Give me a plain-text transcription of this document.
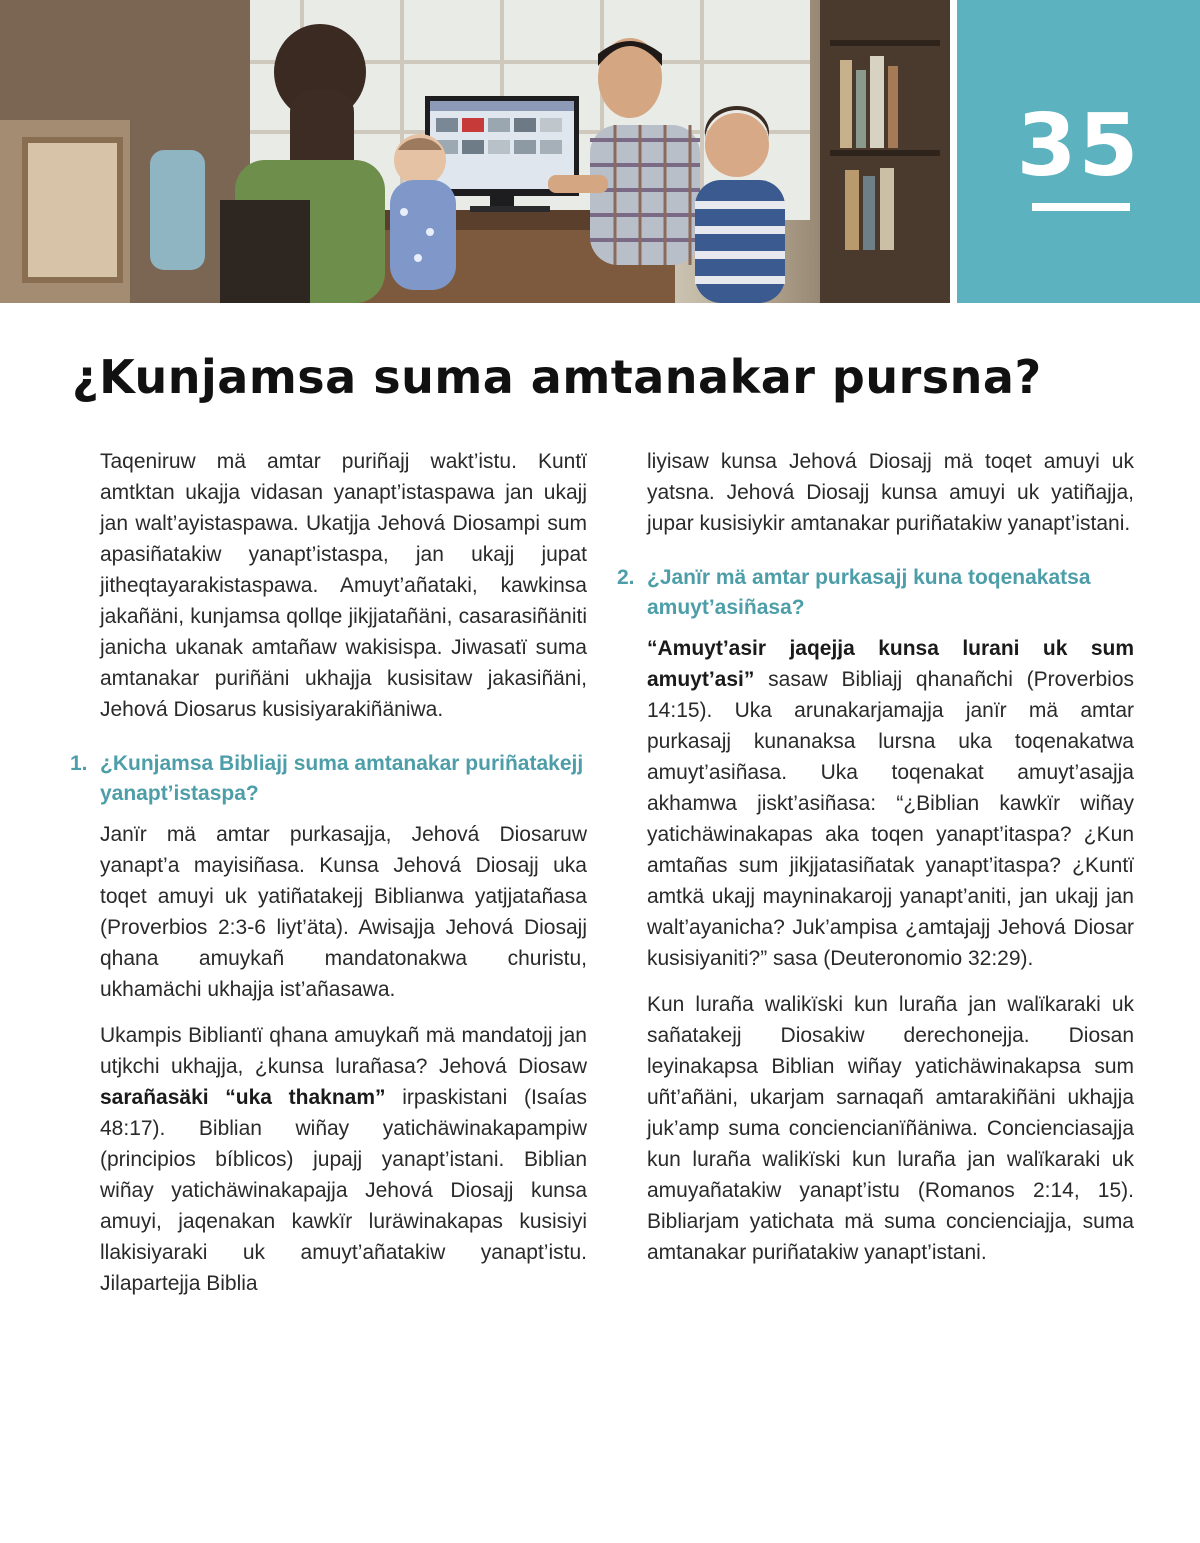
35
¿Kunjamsa suma amtanakar pursna?

Taqeniruw mä amtar puriñajj wakt’istu. Kuntï amtktan ukajja vidasan yanapt’istaspawa jan ukajj jan walt’ayistaspawa. Ukatjja Jehová Diosampi sum apasiñatakiw yanapt’istaspa, jan ukajj jupat jitheqtayarakistaspawa. Amuyt’añataki, kawkinsa jakañäni, kunjamsa qollqe jikjjatañäni, casarasiñäniti janicha ukanak amtañaw wakisispa. Jiwasatï suma amtanakar puriñäni ukhajja kusisitaw jakasiñäni, Jehová Diosarus kusisiyarakiñäniwa.

1. ¿Kunjamsa Bibliajj suma amtanakar puriñatakejj yanapt’istaspa?

Janïr mä amtar purkasajja, Jehová Diosaruw yanapt’a mayisiñasa. Kunsa Jehová Diosajj uka toqet amuyi uk yatiñatakejj Biblianwa yatjjatañasa (Proverbios 2:3-6 liyt’äta). Awisajja Jehová Diosajj qhana amuykañ mandatonakwa churistu, ukhamächi ukhajja ist’añasawa.

Ukampis Bibliantï qhana amuykañ mä mandatojj jan utjkchi ukhajja, ¿kunsa lurañasa? Jehová Diosaw sarañasäki “uka thaknam” irpaskistani (Isaías 48:17). Biblian wiñay yatichäwinakapampiw (principios bíblicos) jupajj yanapt’istani. Biblian wiñay yatichäwinakapajja Jehová Diosajj kunsa amuyi, jaqenakan kawkïr luräwinakapas kusisiyi llakisiyaraki uk amuyt’añatakiw yanapt’istu. Jilapartejja Biblia

liyisaw kunsa Jehová Diosajj mä toqet amuyi uk yatsna. Jehová Diosajj kunsa amuyi uk yatiñajja, jupar kusisiykir amtanakar puriñatakiw yanapt’istani.

2. ¿Janïr mä amtar purkasajj kuna toqenakatsa amuyt’asiñasa?

“Amuyt’asir jaqejja kunsa lurani uk sum amuyt’asi” sasaw Bibliajj qhanañchi (Proverbios 14:15). Uka arunakarjamajja janïr mä amtar purkasajj kunanaksa lursna uka toqenakatwa amuyt’asiñasa. Uka toqenakat amuyt’asajja akhamwa jiskt’asiñasa: “¿Biblian kawkïr wiñay yatichäwinakapas aka toqen yanapt’itaspa? ¿Kun amtañas sum jikjjatasiñatak yanapt’itaspa? ¿Kuntï amtkä ukajj mayninakarojj yanapt’aniti, jan ukajj jan walt’ayanicha? Juk’ampisa ¿amtajajj Jehová Diosar kusisiyaniti?” sasa (Deuteronomio 32:29).

Kun luraña walikïski kun luraña jan walïkaraki uk sañatakejj Diosakiw derechonejja. Diosan leyinakapsa Biblian wiñay yatichäwinakapsa sum uñt’añäni, ukarjam sarnaqañ amtarakiñäni ukhajja juk’amp suma conciencianïñäniwa. Concienciasajja kun luraña walikïski kun luraña jan walïkaraki uk amuyañatakiw yanapt’istu (Romanos 2:14, 15). Bibliarjam yatichata mä suma concienciajja, suma amtanakar puriñatakiw yanapt’istani.
